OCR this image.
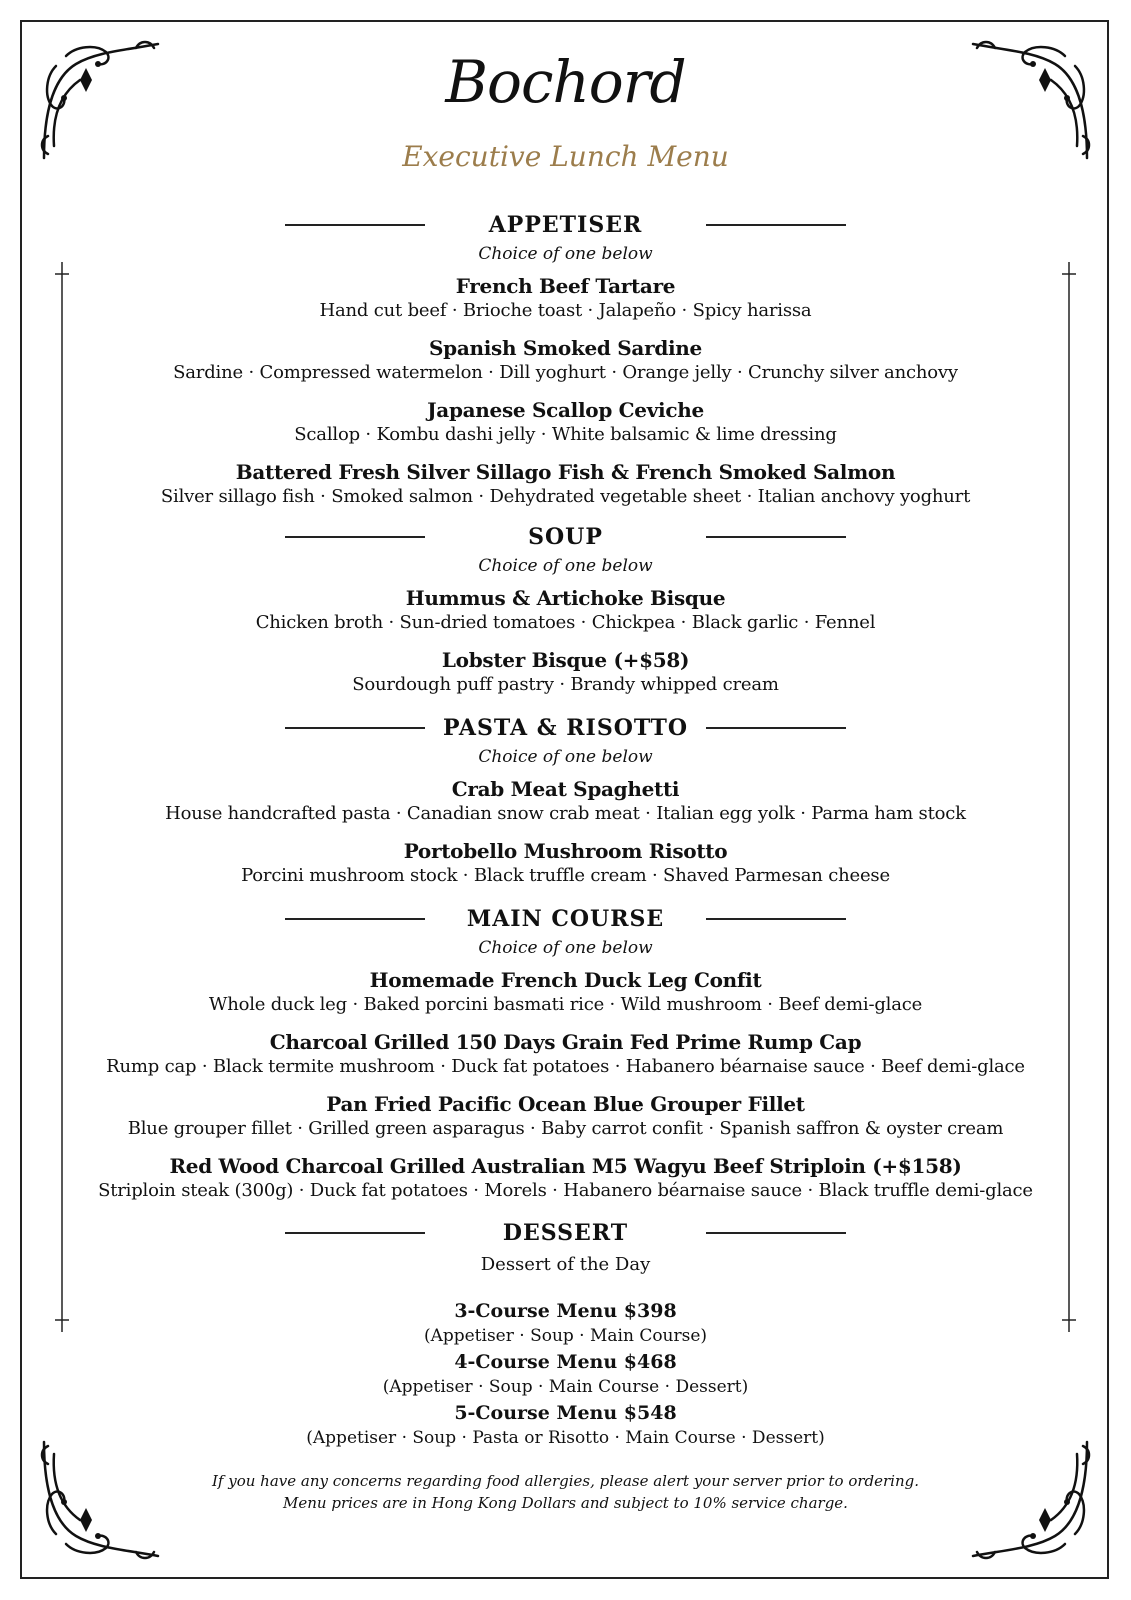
Bochord
Executive Lunch Menu
APPETISER
Choice of one below
French Beef Tartare
Hand cut beef · Brioche toast · Jalapeño · Spicy harissa
Spanish Smoked Sardine
Sardine · Compressed watermelon · Dill yoghurt · Orange jelly · Crunchy silver anchovy
Japanese Scallop Ceviche
Scallop · Kombu dashi jelly · White balsamic & lime dressing
Battered Fresh Silver Sillago Fish & French Smoked Salmon
Silver sillago fish · Smoked salmon · Dehydrated vegetable sheet · Italian anchovy yoghurt
SOUP
Choice of one below
Hummus & Artichoke Bisque
Chicken broth · Sun-dried tomatoes · Chickpea · Black garlic · Fennel
Lobster Bisque (+$58)
Sourdough puff pastry · Brandy whipped cream
PASTA & RISOTTO
Choice of one below
Crab Meat Spaghetti
House handcrafted pasta · Canadian snow crab meat · Italian egg yolk · Parma ham stock
Portobello Mushroom Risotto
Porcini mushroom stock · Black truffle cream · Shaved Parmesan cheese
MAIN COURSE
Choice of one below
Homemade French Duck Leg Confit
Whole duck leg · Baked porcini basmati rice · Wild mushroom · Beef demi-glace
Charcoal Grilled 150 Days Grain Fed Prime Rump Cap
Rump cap · Black termite mushroom · Duck fat potatoes · Habanero béarnaise sauce · Beef demi-glace
Pan Fried Pacific Ocean Blue Grouper Fillet
Blue grouper fillet · Grilled green asparagus · Baby carrot confit · Spanish saffron & oyster cream
Red Wood Charcoal Grilled Australian M5 Wagyu Beef Striploin (+$158)
Striploin steak (300g) · Duck fat potatoes · Morels · Habanero béarnaise sauce · Black truffle demi-glace
DESSERT
Dessert of the Day
3-Course Menu $398
(Appetiser · Soup · Main Course)
4-Course Menu $468
(Appetiser · Soup · Main Course · Dessert)
5-Course Menu $548
(Appetiser · Soup · Pasta or Risotto · Main Course · Dessert)
If you have any concerns regarding food allergies, please alert your server prior to ordering.
Menu prices are in Hong Kong Dollars and subject to 10% service charge.
